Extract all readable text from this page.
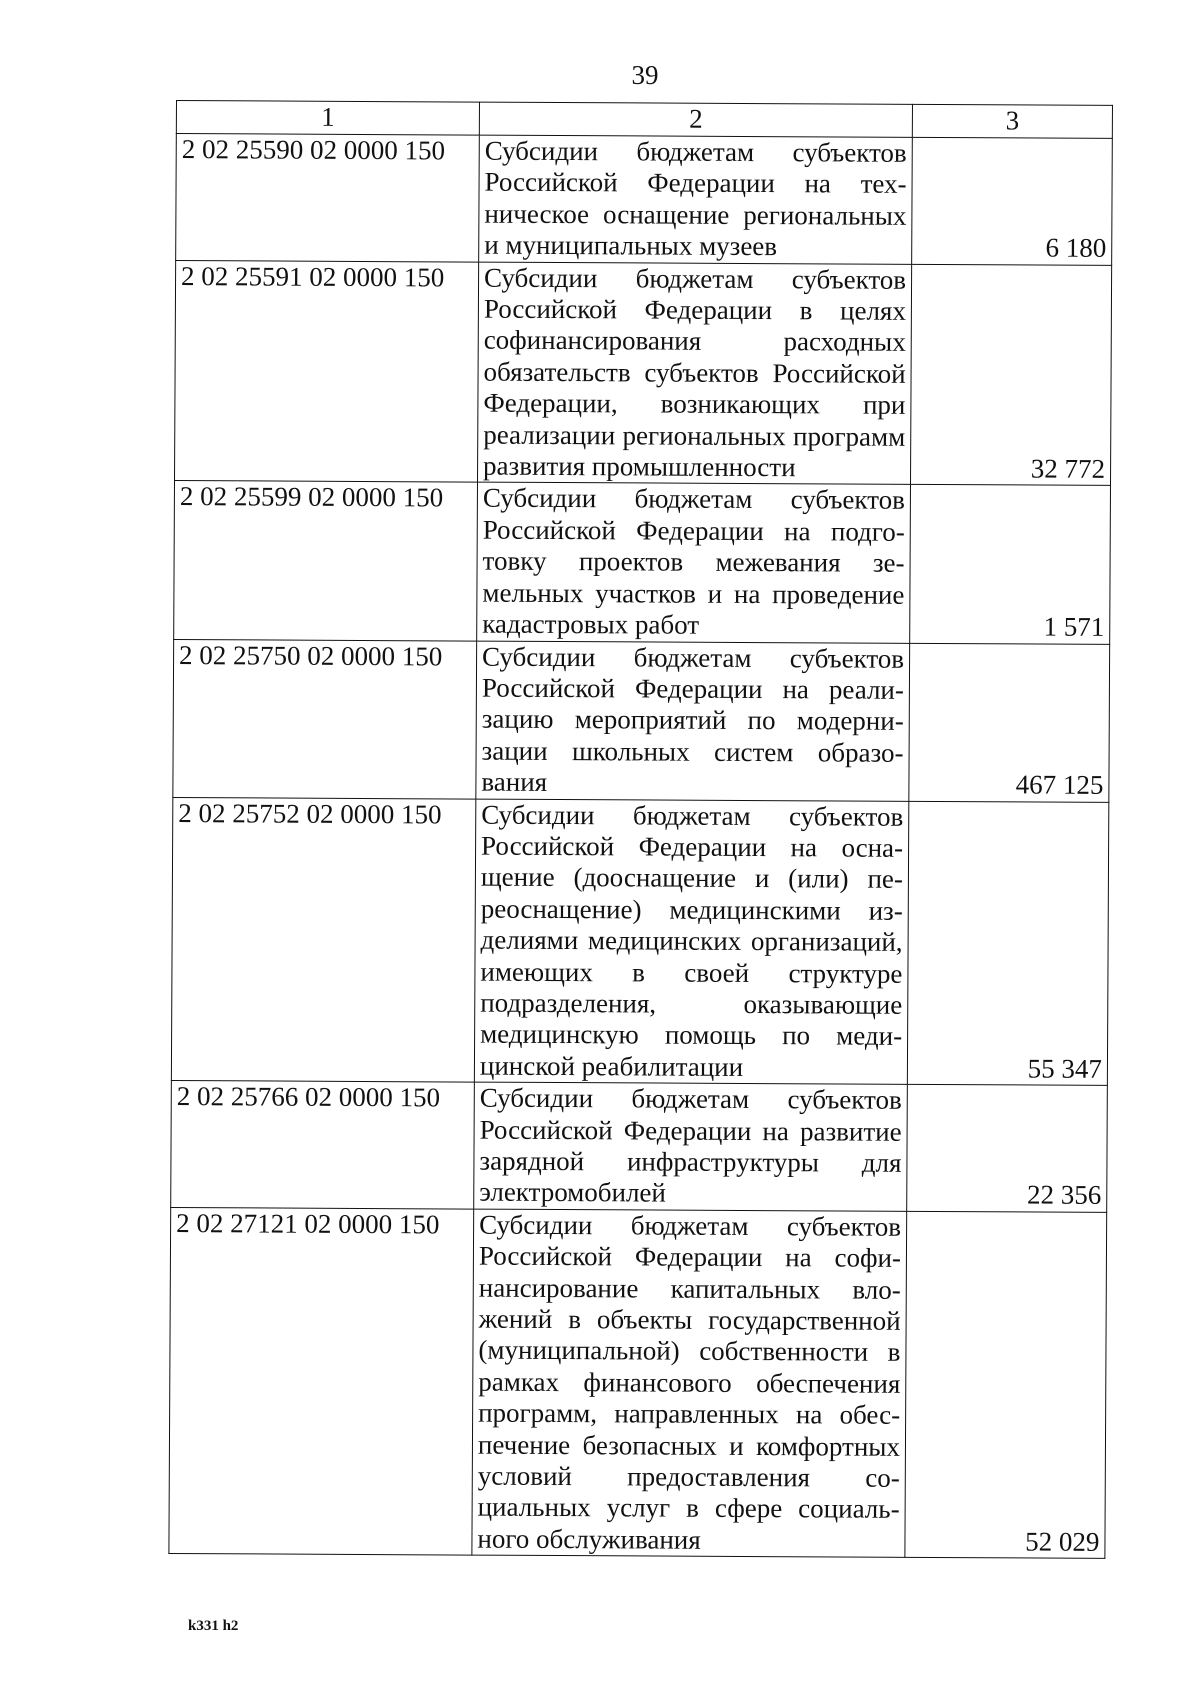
39
1	2	3
2 02 25590 02 0000 150	Субсидии бюджетам субъектов Российской Федерации на техническое оснащение региональных и муниципальных музеев	6 180
2 02 25591 02 0000 150	Субсидии бюджетам субъектов Российской Федерации в целях софинансирования расходных обязательств субъектов Российской Федерации, возникающих при реализации региональных программ развития промышленности	32 772
2 02 25599 02 0000 150	Субсидии бюджетам субъектов Российской Федерации на подготовку проектов межевания земельных участков и на проведение кадастровых работ	1 571
2 02 25750 02 0000 150	Субсидии бюджетам субъектов Российской Федерации на реализацию мероприятий по модернизации школьных систем образования	467 125
2 02 25752 02 0000 150	Субсидии бюджетам субъектов Российской Федерации на оснащение (дооснащение и (или) переоснащение) медицинскими изделиями медицинских организаций, имеющих в своей структуре подразделения, оказывающие медицинскую помощь по медицинской реабилитации	55 347
2 02 25766 02 0000 150	Субсидии бюджетам субъектов Российской Федерации на развитие зарядной инфраструктуры для электромобилей	22 356
2 02 27121 02 0000 150	Субсидии бюджетам субъектов Российской Федерации на софинансирование капитальных вложений в объекты государственной (муниципальной) собственности в рамках финансового обеспечения программ, направленных на обеспечение безопасных и комфортных условий предоставления социальных услуг в сфере социального обслуживания	52 029
k331 h2
